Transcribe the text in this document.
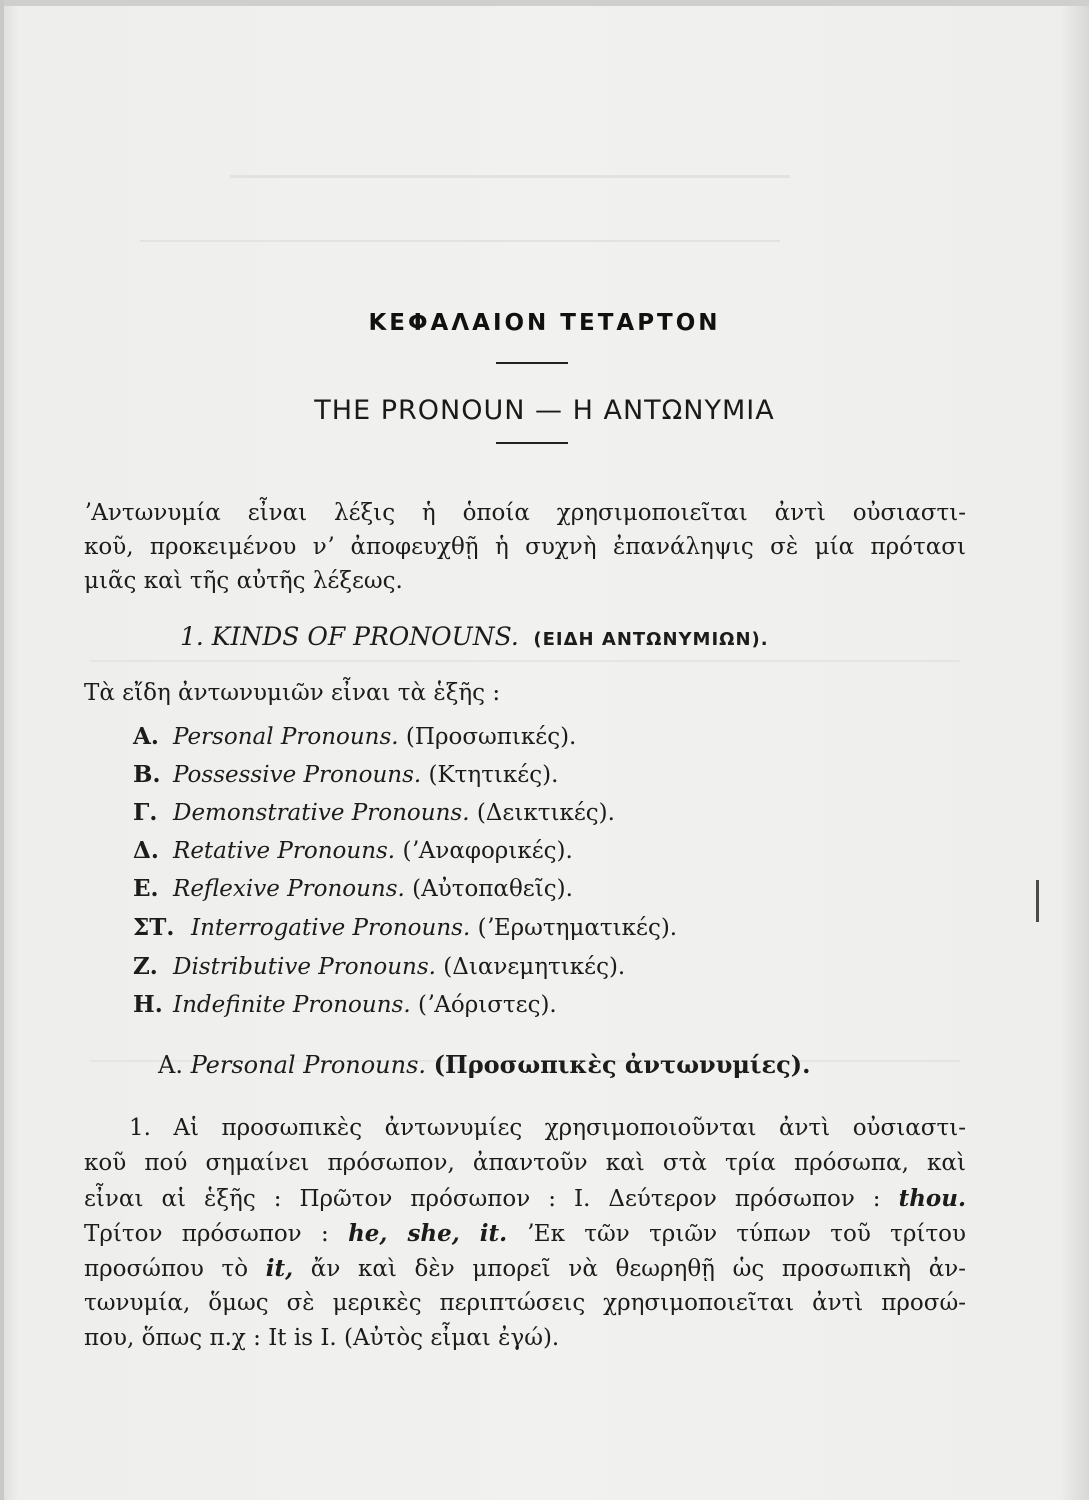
ΚΕΦΑΛΑΙΟΝ ΤΕΤΑΡΤΟΝ
THE PRONOUN — Η ΑΝΤΩΝΥΜΙΑ
ʼΑντωνυμία εἶναι λέξις ἡ ὁποία χρησιμοποιεῖται ἀντὶ οὐσιαστι-
κοῦ, προκειμένου νʼ ἀποφευχθῇ ἡ συχνὴ ἐπανάληψις σὲ μία πρότασι
μιᾶς καὶ τῆς αὐτῆς λέξεως.
1. KINDS OF PRONOUNS. (ΕΙΔΗ ΑΝΤΩΝΥΜΙΩΝ).
Τὰ εἴδη ἀντωνυμιῶν εἶναι τὰ ἑξῆς :
Α. Personal Pronouns. (Προσωπικές).
Β. Possessive Pronouns. (Κτητικές).
Γ. Demonstrative Pronouns. (Δεικτικές).
Δ. Retative Pronouns. (ʼΑναφορικές).
Ε. Reflexive Pronouns. (Αὐτοπαθεῖς).
ΣΤ. Interrogative Pronouns. (ʼΕρωτηματικές).
Ζ. Distributive Pronouns. (Διανεμητικές).
Η. Indefinite Pronouns. (ʼΑόριστες).
Α. Personal Pronouns. (Προσωπικὲς ἀντωνυμίες).
1. Αἱ προσωπικὲς ἀντωνυμίες χρησιμοποιοῦνται ἀντὶ οὐσιαστι-
κοῦ πού σημαίνει πρόσωπον, ἀπαντοῦν καὶ στὰ τρία πρόσωπα, καὶ
εἶναι αἱ ἑξῆς : Πρῶτον πρόσωπον : I. Δεύτερον πρόσωπον : thou.
Τρίτον πρόσωπον : he, she, it. ʼΕκ τῶν τριῶν τύπων τοῦ τρίτου
προσώπου τὸ it, ἄν καὶ δὲν μπορεῖ νὰ θεωρηθῇ ὡς προσωπικὴ ἀν-
τωνυμία, ὅμως σὲ μερικὲς περιπτώσεις χρησιμοποιεῖται ἀντὶ προσώ-
που, ὅπως π.χ : It is I. (Αὐτὸς εἶμαι ἐγώ).
